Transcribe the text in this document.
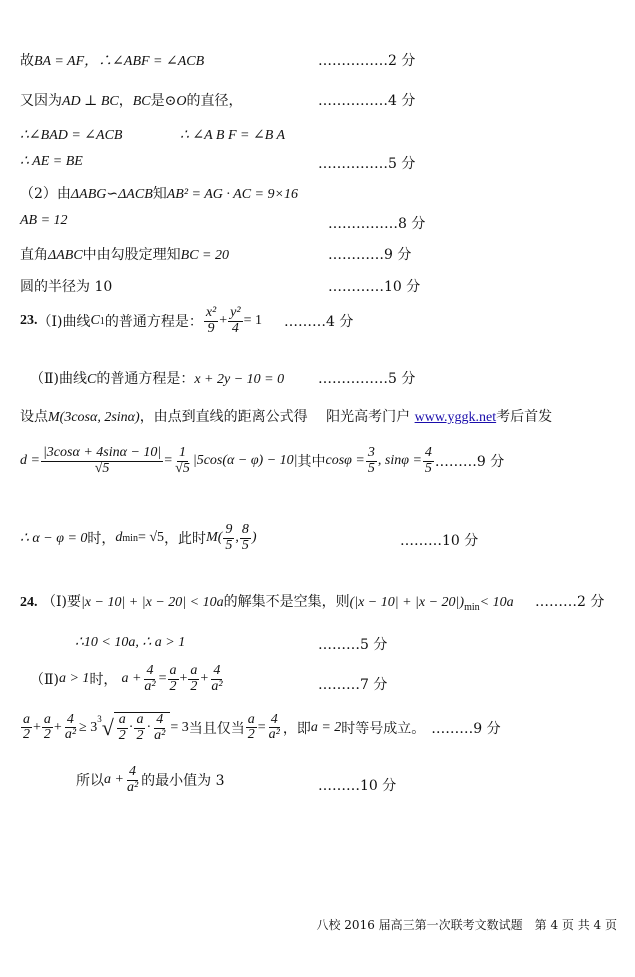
故BA = AF，∴∠ABF = ∠ACB	……………2 分
又因为AD ⊥ BC，BC是⊙O的直径，	……………4 分
∴∠BAD = ∠ACB	∴ ∠A B F = ∠B A
∴ AE = BE	……………5 分
（2）由ΔABG∽ΔACB知AB² = AG · AC = 9×16
AB = 12	……………8 分
直角ΔABC中由勾股定理知BC = 20	…………9 分
圆的半径为 10	…………10 分
23. （Ⅰ)曲线 C 1 的普通方程是： $\frac{\text{x²}}{9} + \frac{\text{y²}}{4} = 1$ ………4 分
（Ⅱ)曲线C的普通方程是：x + 2y − 10 = 0 ……………5 分
设点M(3cosα, 2sinα)，由点到直线的距离公式得 阳光高考门户 www.yggk.net考后首发
$d = \frac{|3\cos\alpha + 4\sin\alpha - 10|}{√5} = \frac{1}{√5} |5\cos(\alpha - \varphi) - 10|$ 其中 $\cos\varphi = \frac{3}{5}$ , $\sin\varphi = \frac{4}{5}$ ………9 分
∴ α − φ = 0 时， d min = √5 ，此时 $M( \frac{9}{5}$ , $\frac{8}{5}$ )	………10 分
24. （Ⅰ)要|x − 10| + |x − 20| < 10a的解集不是空集，则$(|x - 10| + |x - 20|)_{min}< 10a$ ………2 分
∴10 < 10a, ∴ a > 1	………5 分
（Ⅱ) a > 1 时， $a + \frac{4}{\text{a²}} = \frac{a}{2} + \frac{a}{2} + \frac{4}{\text{a²}}$	………7 分
$\frac{a}{2} + \frac{a}{2} + \frac{4}{\text{a²}} \ge 3$
$^3$ √ $\frac{a}{2} \cdot \frac{a}{2} \cdot \frac{4}{\text{a²}} = 3$ 当且仅当 $\frac{a}{2} = \frac{4}{\text{a²}}$ ，即 a = 2 时等号成立。 ………9 分
所以 $a + \frac{4}{\text{a²}}$ 的最小值为 3	………10 分
八校 2016 届高三第一次联考文数试题　第 4 页 共 4 页
